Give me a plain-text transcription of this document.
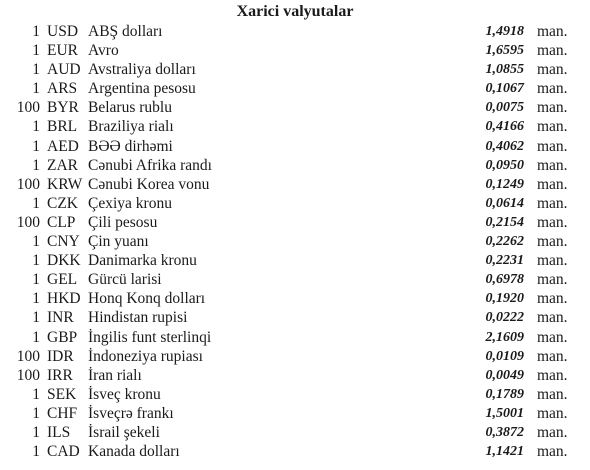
Xarici valyutalar
1 USD ABŞ dolları	1,4918 man.
1 EUR Avro	1,6595 man.
1 AUD Avstraliya dolları	1,0855 man.
1 ARS Argentina pesosu	0,1067 man.
100 BYR Belarus rublu	0,0075 man.
1 BRL Braziliya rialı	0,4166 man.
1 AED BƏƏ dirhəmi	0,4062 man.
1 ZAR Cənubi Afrika randı	0,0950 man.
100 KRW Cənubi Korea vonu	0,1249 man.
1 CZK Çexiya kronu	0,0614 man.
100 CLP Çili pesosu	0,2154 man.
1 CNY Çin yuanı	0,2262 man.
1 DKK Danimarka kronu	0,2231 man.
1 GEL Gürcü larisi	0,6978 man.
1 HKD Honq Konq dolları	0,1920 man.
1 INR Hindistan rupisi	0,0222 man.
1 GBP İngilis funt sterlinqi	2,1609 man.
100 IDR İndoneziya rupiası	0,0109 man.
100 IRR İran rialı	0,0049 man.
1 SEK İsveç kronu	0,1789 man.
1 CHF İsveçrə frankı	1,5001 man.
1 ILS İsrail şekeli	0,3872 man.
1 CAD Kanada dolları	1,1421 man.
